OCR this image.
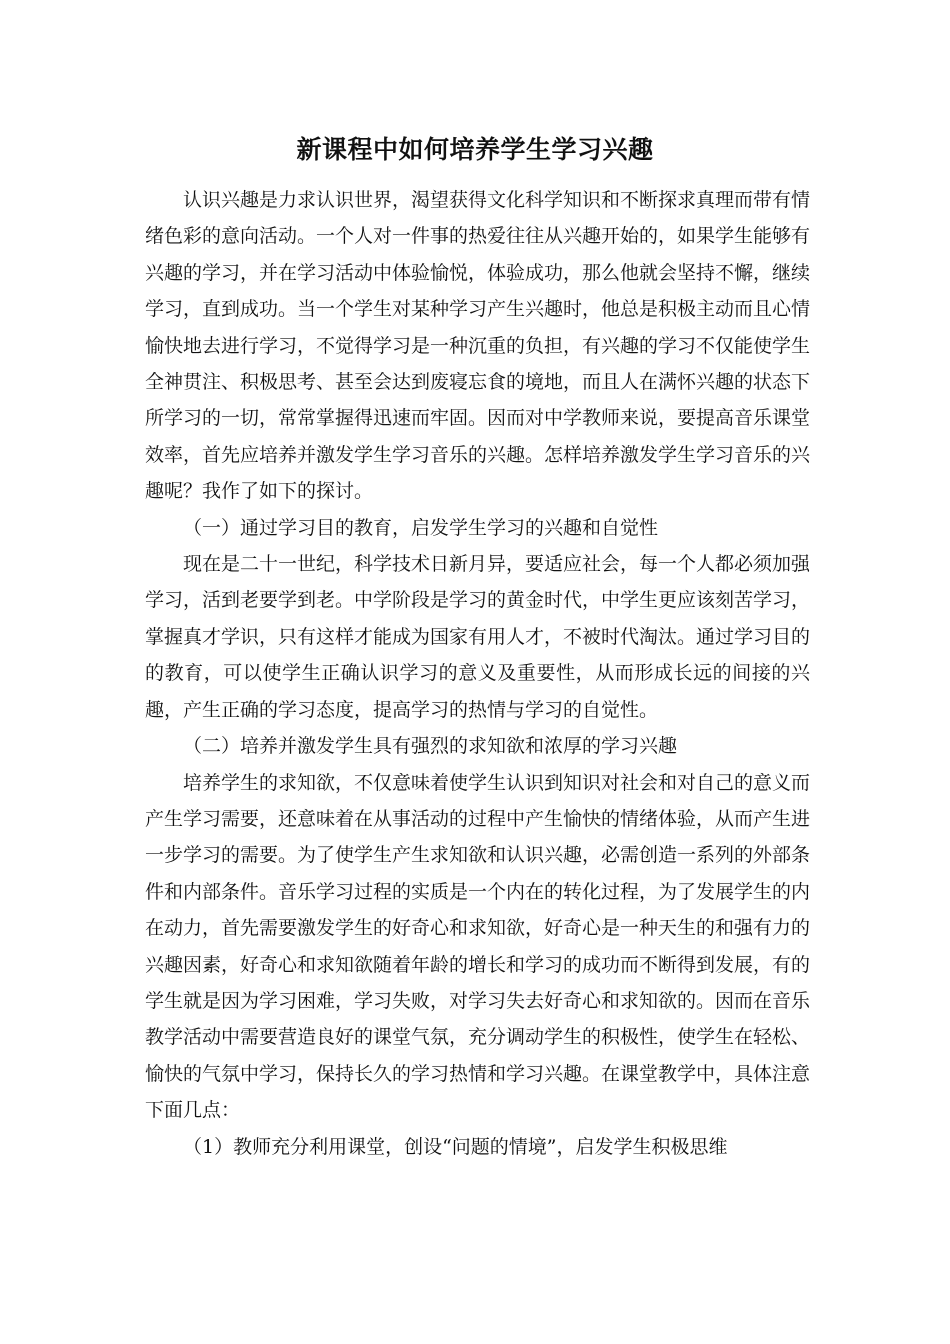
新课程中如何培养学生学习兴趣

认识兴趣是力求认识世界，渴望获得文化科学知识和不断探求真理而带有情绪色彩的意向活动。一个人对一件事的热爱往往从兴趣开始的，如果学生能够有兴趣的学习，并在学习活动中体验愉悦，体验成功，那么他就会坚持不懈，继续学习，直到成功。当一个学生对某种学习产生兴趣时，他总是积极主动而且心情愉快地去进行学习，不觉得学习是一种沉重的负担，有兴趣的学习不仅能使学生全神贯注、积极思考、甚至会达到废寝忘食的境地，而且人在满怀兴趣的状态下所学习的一切，常常掌握得迅速而牢固。因而对中学教师来说，要提高音乐课堂效率，首先应培养并激发学生学习音乐的兴趣。怎样培养激发学生学习音乐的兴趣呢？我作了如下的探讨。

（一）通过学习目的教育，启发学生学习的兴趣和自觉性

现在是二十一世纪，科学技术日新月异，要适应社会，每一个人都必须加强学习，活到老要学到老。中学阶段是学习的黄金时代，中学生更应该刻苦学习，掌握真才学识，只有这样才能成为国家有用人才，不被时代淘汰。通过学习目的的教育，可以使学生正确认识学习的意义及重要性，从而形成长远的间接的兴趣，产生正确的学习态度，提高学习的热情与学习的自觉性。

（二）培养并激发学生具有强烈的求知欲和浓厚的学习兴趣

培养学生的求知欲，不仅意味着使学生认识到知识对社会和对自己的意义而产生学习需要，还意味着在从事活动的过程中产生愉快的情绪体验，从而产生进一步学习的需要。为了使学生产生求知欲和认识兴趣，必需创造一系列的外部条件和内部条件。音乐学习过程的实质是一个内在的转化过程，为了发展学生的内在动力，首先需要激发学生的好奇心和求知欲，好奇心是一种天生的和强有力的兴趣因素，好奇心和求知欲随着年龄的增长和学习的成功而不断得到发展，有的学生就是因为学习困难，学习失败，对学习失去好奇心和求知欲的。因而在音乐教学活动中需要营造良好的课堂气氛，充分调动学生的积极性，使学生在轻松、愉快的气氛中学习，保持长久的学习热情和学习兴趣。在课堂教学中，具体注意下面几点：

（1）教师充分利用课堂，创设“问题的情境”，启发学生积极思维
